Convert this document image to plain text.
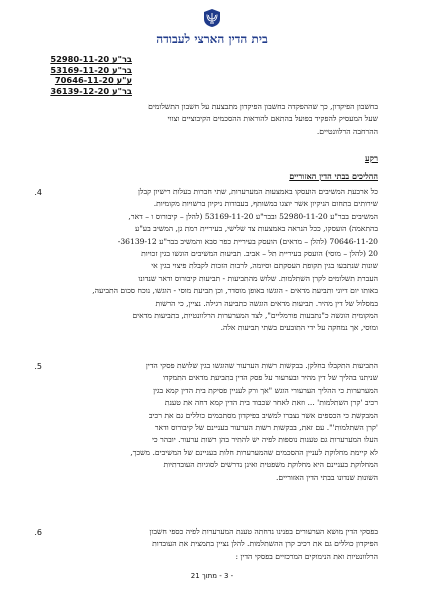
בית הדין הארצי לעבודה
בר"ע 52980-11-20
בר"ע 53169-11-20
ע"ע 70646-11-20
בר"ע 36139-12-20
בחשבון הפיקדון, כך שההפקדה בחשבון הפיקדון מתבצעת על חשבון התשלומים
שעל המעסיק להפקיד בפועל בהתאם להוראות ההסכמים הקיבוציים וצווי
ההרחבה הרלוונטיים.
רקע
ההליכים בבתי הדין האזוריים
.4	כל ארבעת המשיבים הועסקו באמצעות המערערות, שתי חברות בעלות רישיון קבלן
שירותים בתחום הניקיון אשר יוצגו במשותף, בעבודות ניקיון ברשויות מקומיות.
המשיבים בבר"ע 52980-11-20 ובבר"ע 53169-11-20 (להלן – קיבורוס ו – דאר,
בהתאמה) הועסקו, ככל הנראה באמצעות צד שלישי, בעיריית רמת גן, המשיב בע"ע
70646-11-20 (להלן – מדאים) הועסק בעיריית כפר סבא והמשיב בבר"ע 36139-12-
20 (להלן – מוסי) הועסק בעיריית תל – אביב. תביעות המשיבים הוגשו בגין זכויות
שונות שנתבעו בגין תקופת העסקתם וסיומה, לרבות הזכות לקבלת פיצוי בגין אי
העברת תשלומים לקרן השתלמות. שלוש מהתביעות - תביעות קיבורוס ודאר שנדונו
באותו יום דיוני ותביעת מדאים - הוגשו באופן מוסדר, וכן תביעת מוסי - הוגשו, נוכח סכום התביעה,
במסלול של דין מהיר. תביעות מדאים הוגשה כתביעה רגילה. נציין, כי הרשות
המקומית הוגשה כ"נתבעות פורמליים", לצד המערערות הרלוונטיות, בתביעות מדאים
ומוסי, אך נמחקה על ידי התובעים בשתי תביעות אלה.
.5	התביעות התקבלו בחלקן. בבקשות רשות הערעור שהוגשו בגין שלושת פסקי הדין
שניתנו בהליך של דין מהיר ובערעור על פסק הדין בתביעת מדאים התמקדו
המערערות כי ההליך הערעורי הוגש "אך ורק לעניין פסיקת בית הדין קמא בגין
רכיב 'קרן השתלמות' ... וזאת לאחר שכבוד בית הדין קמא דחה את טענת
המבקשת כי הכספים אשר נצברו למשיב בפיקדון מסתכמים כוללים גם את רכיב
'קרן השתלמות'". עם זאת, בבקשות רשות הערעור בעניינם של קיבורוס ודאר
העלו המערערות גם טענות נוספות לפיה יש להתיר בהן רשות ערעור. יובהר כי
לא קיימת מחלוקת לעניין ההסכמים שהמערערות חלות בעניינם של המשיבים. משכך,
המחלוקת בעניינם היא מחלוקת משפטית ואינן נדרשים לסוגיות העובדתיות
השונות שנדונו בבתי הדין האזוריים.
.6	בפסקי הדין מושא הערעורים בפנינו נדחתה טענת המערערות לפיה כספי חשבון
הפיקדון כוללים גם את רכיב קרן ההשתלמות. להלן נציין בתמצית את העובדות
הרלוונטיות ואת הנימוקים המרכזיים בפסקי הדין :
- 3 - מתוך 21
